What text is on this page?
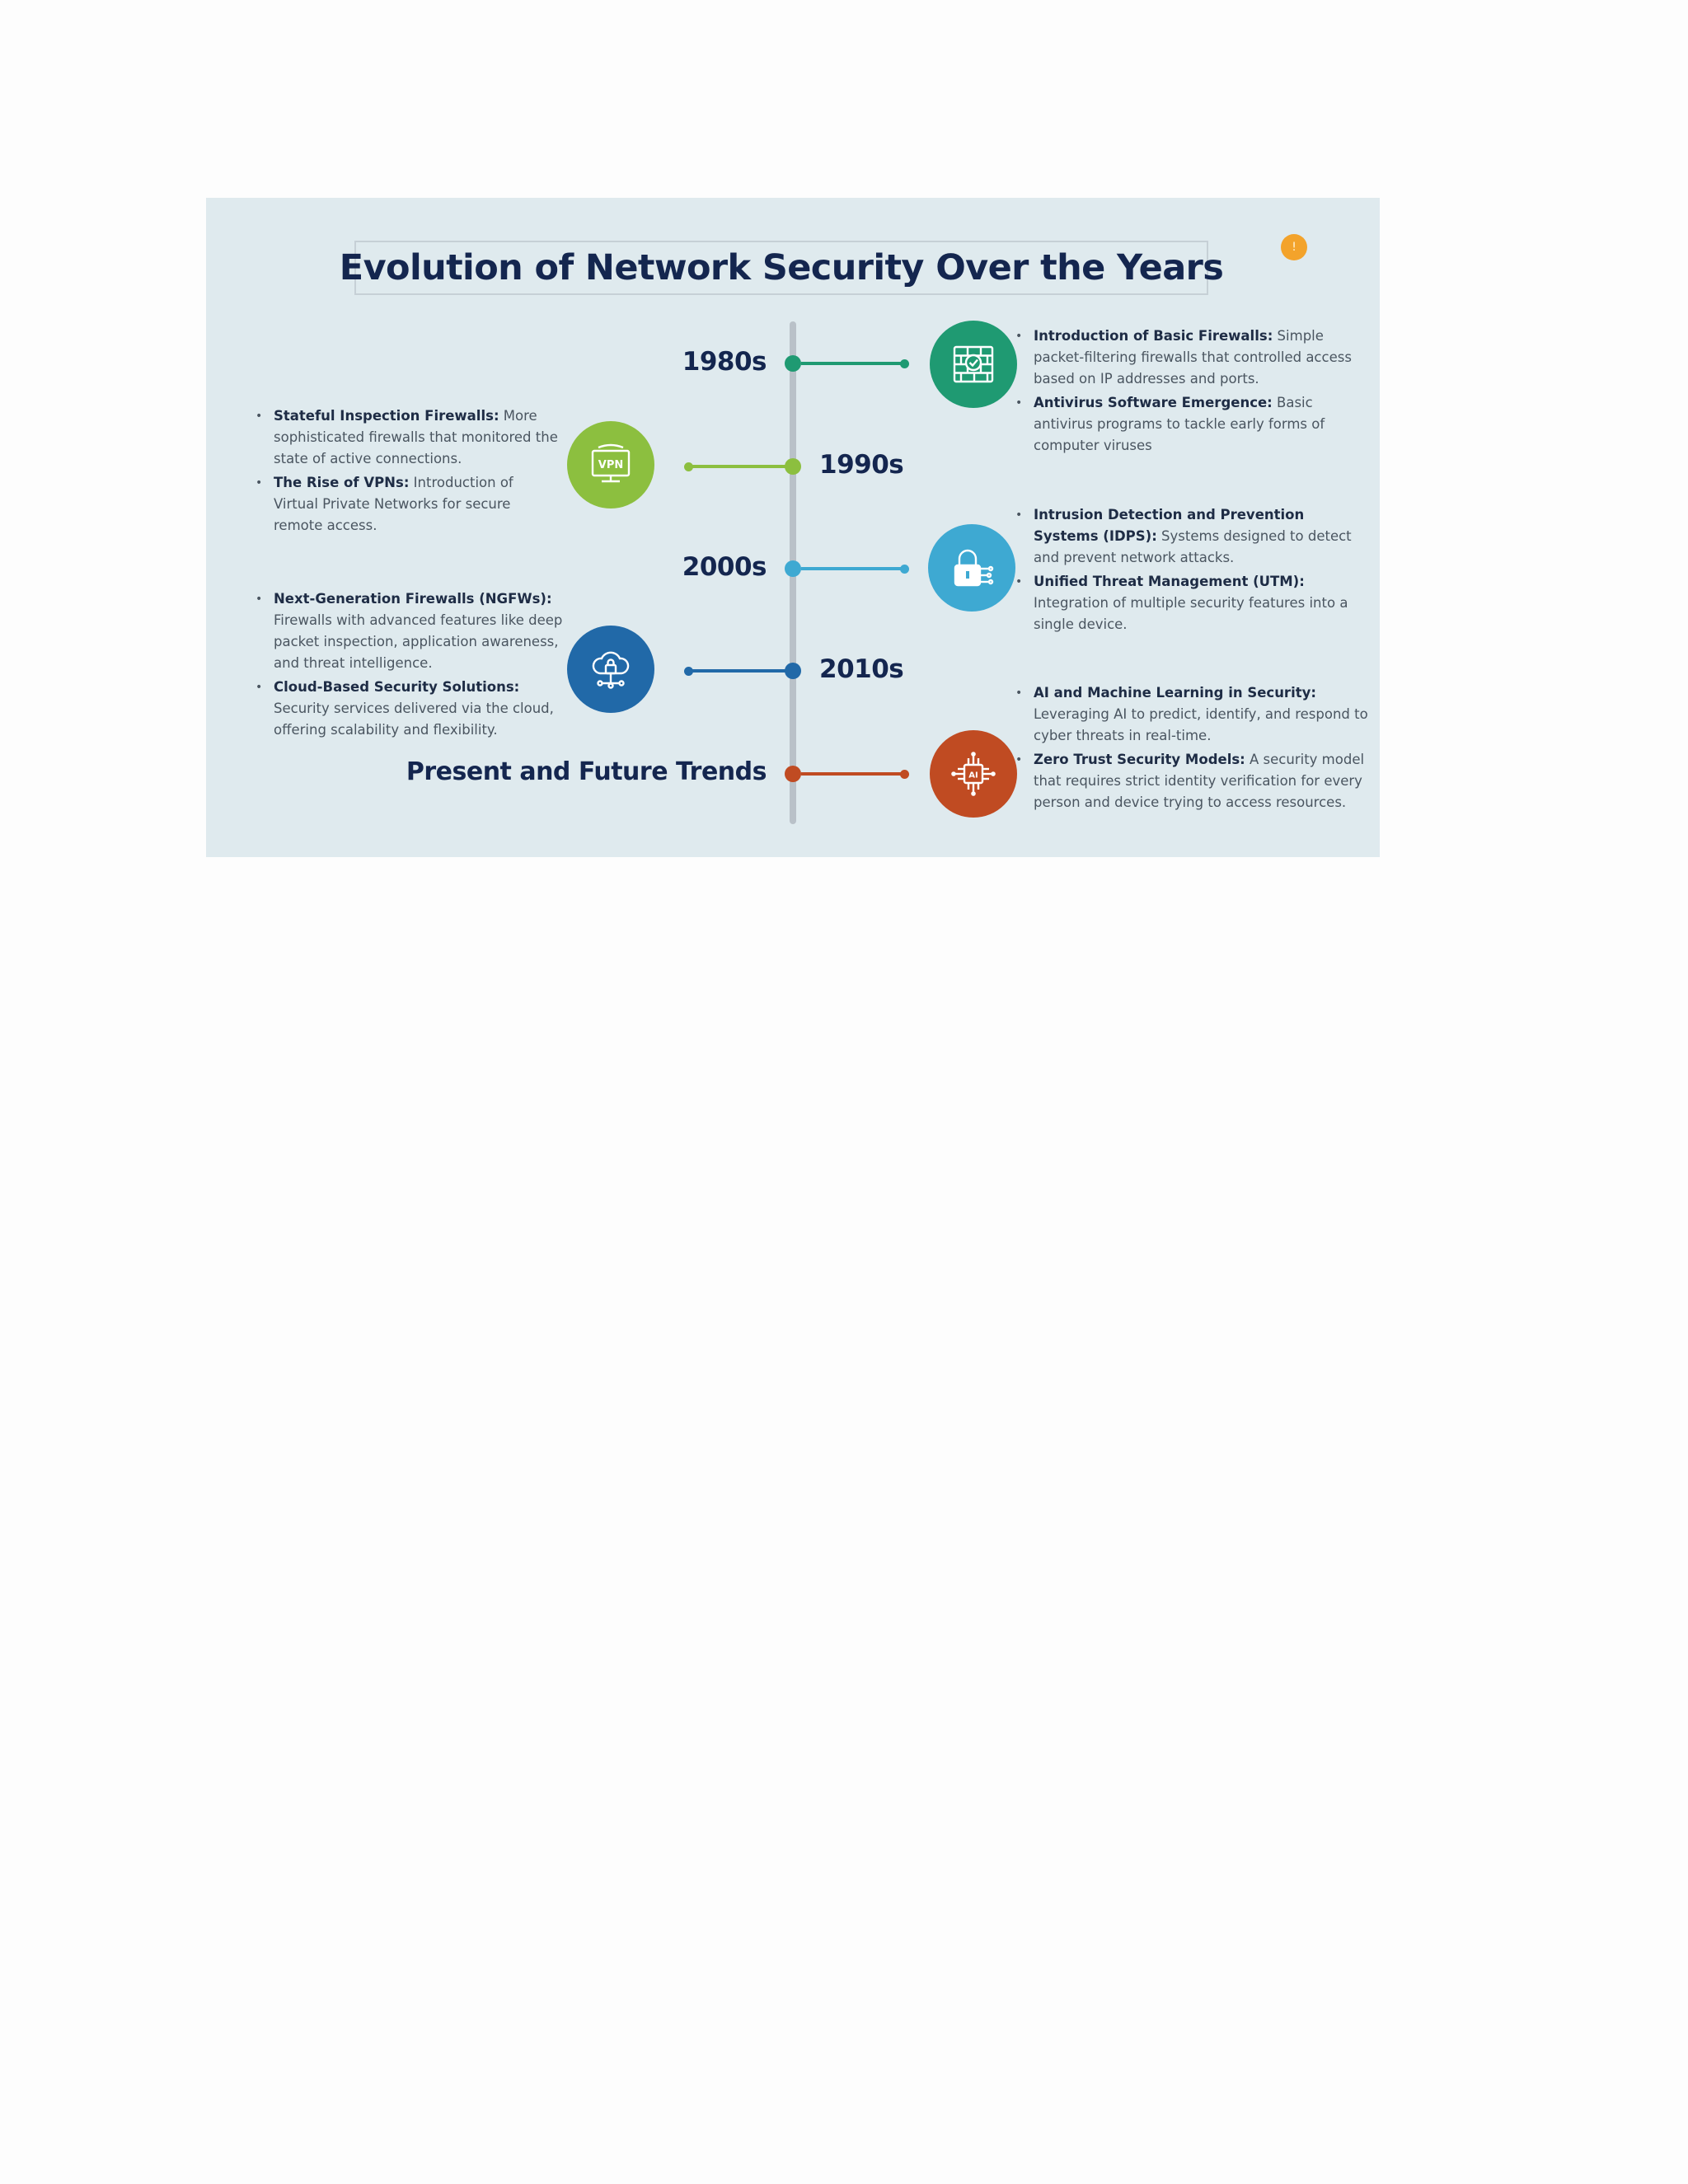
Evolution of Network Security Over the Years	!
1980s
• Introduction of Basic Firewalls: Simple packet-filtering firewalls that controlled access based on IP addresses and ports.
• Antivirus Software Emergence: Basic antivirus programs to tackle early forms of computer viruses
1990s
VPN
• Stateful Inspection Firewalls: More sophisticated firewalls that monitored the state of active connections.
• The Rise of VPNs: Introduction of Virtual Private Networks for secure remote access.
2000s
• Intrusion Detection and Prevention Systems (IDPS): Systems designed to detect and prevent network attacks.
• Unified Threat Management (UTM): Integration of multiple security features into a single device.
2010s
• Next-Generation Firewalls (NGFWs): Firewalls with advanced features like deep packet inspection, application awareness, and threat intelligence.
• Cloud-Based Security Solutions: Security services delivered via the cloud, offering scalability and flexibility.
Present and Future Trends	AI
• AI and Machine Learning in Security: Leveraging AI to predict, identify, and respond to cyber threats in real-time.
• Zero Trust Security Models: A security model that requires strict identity verification for every person and device trying to access resources.
